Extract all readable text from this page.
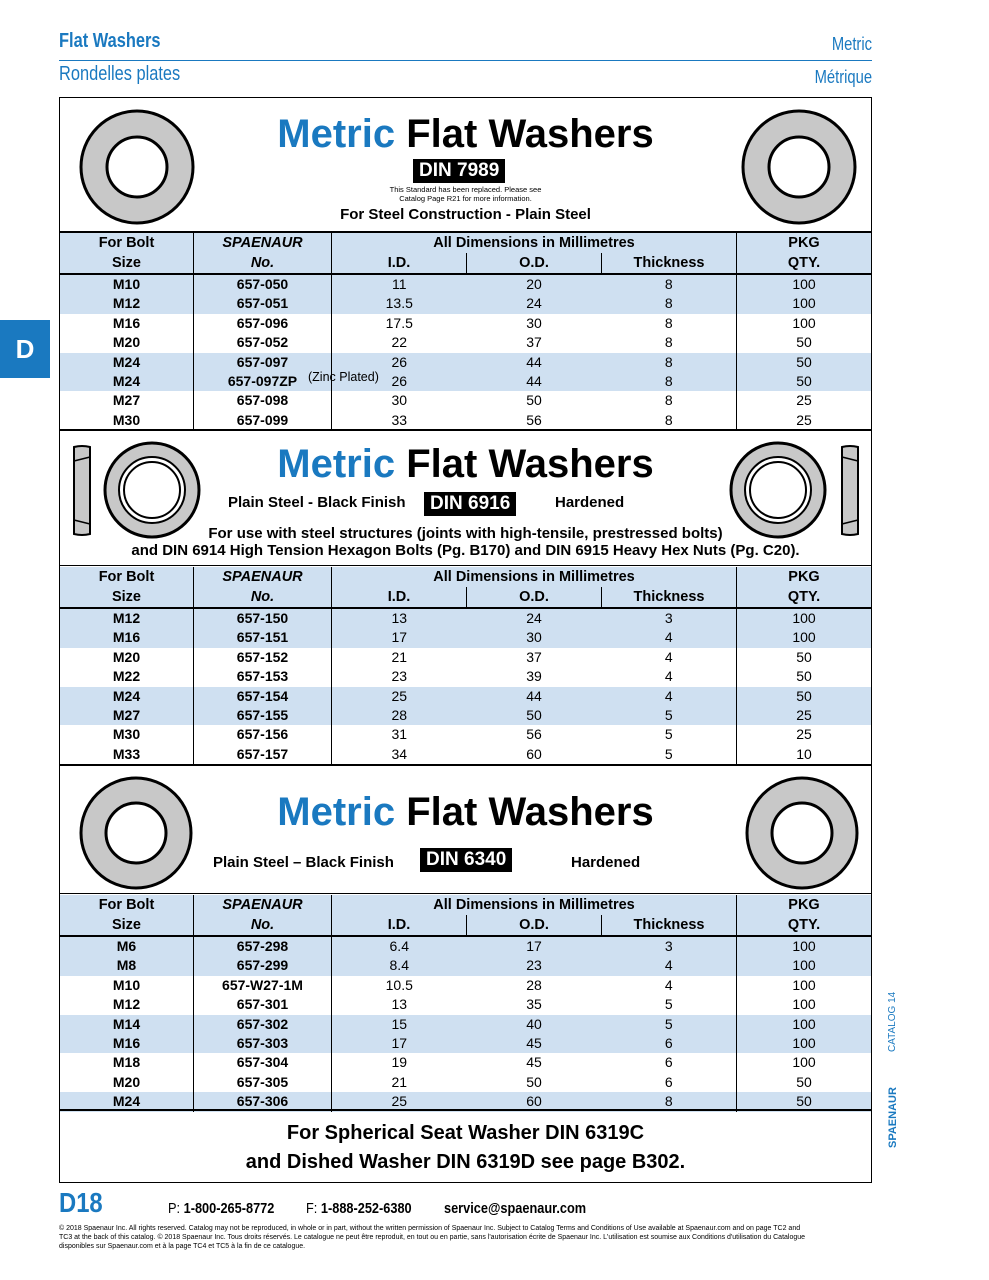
Flat Washers	Metric
Rondelles plates	Métrique
D
Metric Flat Washers
DIN 7989
This Standard has been replaced. Please see
Catalog Page R21 for more information.
For Steel Construction - Plain Steel
For Bolt	SPAENAUR	All Dimensions in Millimetres			PKG
Size	No.	I.D.	O.D.	Thickness	QTY.
M10	657-050	11	20	8	100
M12	657-051	13.5	24	8	100
M16	657-096	17.5	30	8	100
M20	657-052	22	37	8	50
M24	657-097	26	44	8	50
M24	657-097ZP	26	44	8	50
M27	657-098	30	50	8	25
M30	657-099	33	56	8	25
(Zinc Plated)
Metric Flat Washers
Plain Steel - Black Finish	DIN 6916	Hardened
For use with steel structures (joints with high-tensile, prestressed bolts)
and DIN 6914 High Tension Hexagon Bolts (Pg. B170) and DIN 6915 Heavy Hex Nuts (Pg. C20).
For Bolt	SPAENAUR	All Dimensions in Millimetres			PKG
Size	No.	I.D.	O.D.	Thickness	QTY.
M12	657-150	13	24	3	100
M16	657-151	17	30	4	100
M20	657-152	21	37	4	50
M22	657-153	23	39	4	50
M24	657-154	25	44	4	50
M27	657-155	28	50	5	25
M30	657-156	31	56	5	25
M33	657-157	34	60	5	10
Metric Flat Washers
Plain Steel – Black Finish	DIN 6340	Hardened
For Bolt	SPAENAUR	All Dimensions in Millimetres			PKG
Size	No.	I.D.	O.D.	Thickness	QTY.
M6	657-298	6.4	17	3	100
M8	657-299	8.4	23	4	100
M10	657-W27-1M	10.5	28	4	100
M12	657-301	13	35	5	100
M14	657-302	15	40	5	100
M16	657-303	17	45	6	100
M18	657-304	19	45	6	100
M20	657-305	21	50	6	50
M24	657-306	25	60	8	50
For Spherical Seat Washer DIN 6319C
and Dished Washer DIN 6319D see page B302.
CATALOG 14
SPAENAUR
D18	P: 1-800-265-8772 F: 1-888-252-6380 service@spaenaur.com
© 2018 Spaenaur Inc. All rights reserved. Catalog may not be reproduced, in whole or in part, without the written permission of Spaenaur Inc. Subject to Catalog Terms and Conditions of Use available at Spaenaur.com and on page TC2 and
TC3 at the back of this catalog. © 2018 Spaenaur Inc. Tous droits réservés. Le catalogue ne peut être reproduit, en tout ou en partie, sans l'autorisation écrite de Spaenaur Inc. L'utilisation est soumise aux Conditions d'utilisation du Catalogue
disponibles sur Spaenaur.com et à la page TC4 et TC5 à la fin de ce catalogue.
